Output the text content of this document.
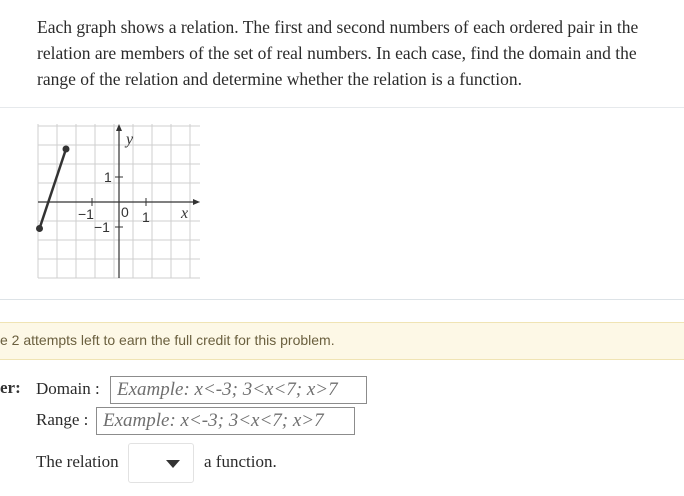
Each graph shows a relation. The first and second numbers of each ordered pair in the relation are members of the set of real numbers. In each case, find the domain and the range of the relation and determine whether the relation is a function.
y
x
1
−1 0 1
−1
e 2 attempts left to earn the full credit for this problem.
er: Domain :
Example: x<-3; 3<x<7; x>7
Range :
Example: x<-3; 3<x<7; x>7
The relation	a function.
